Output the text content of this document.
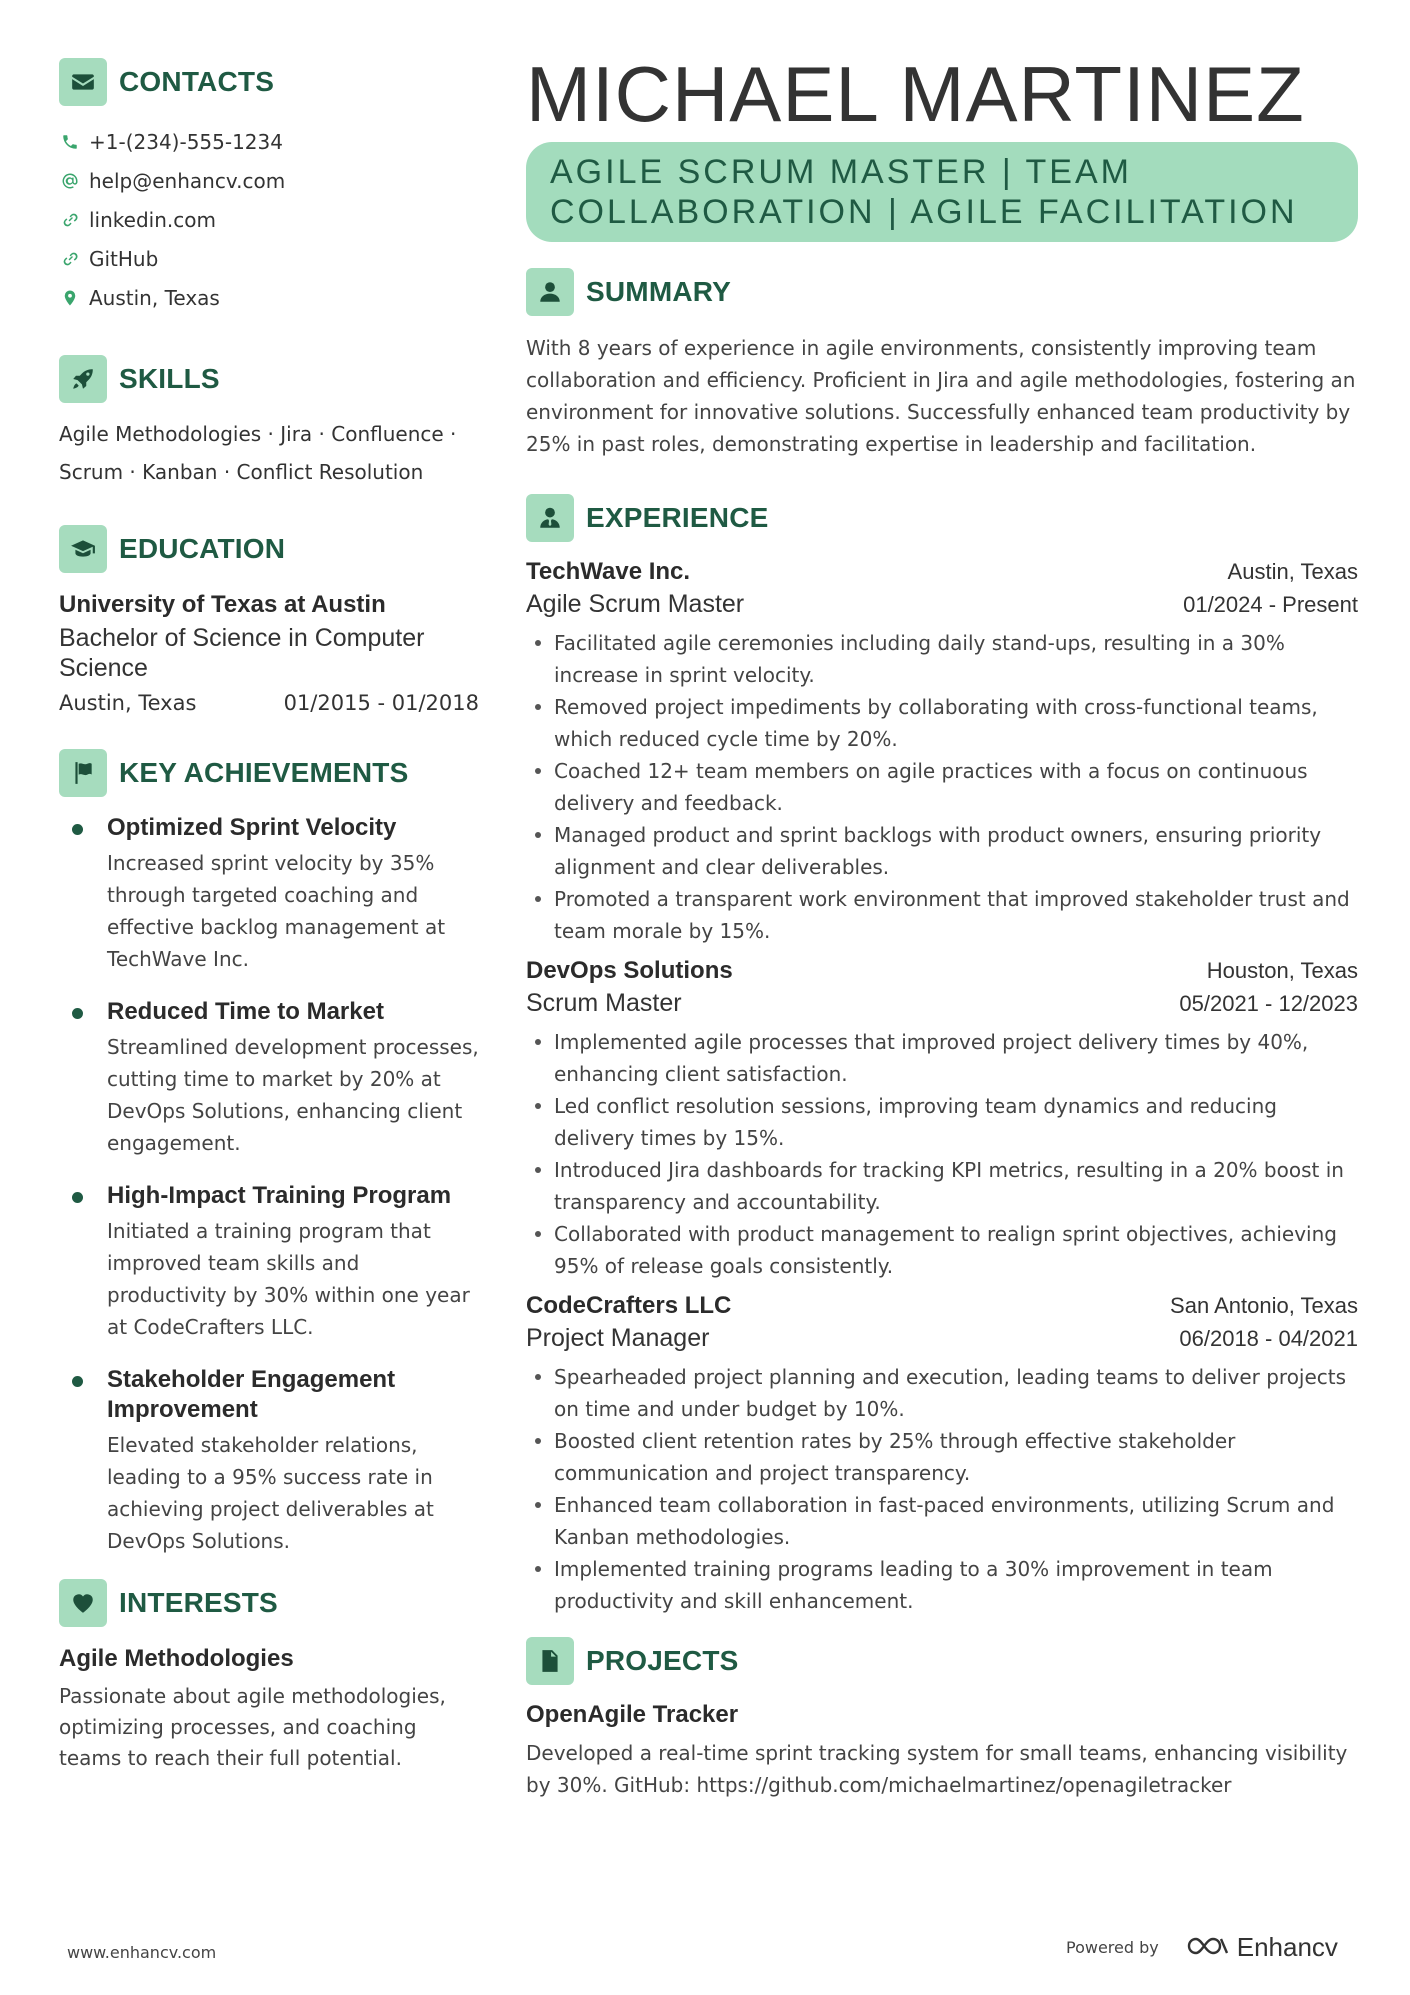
CONTACTS
+1-(234)-555-1234
help@enhancv.com
linkedin.com
GitHub
Austin, Texas
SKILLS
Agile Methodologies · Jira · Confluence · Scrum · Kanban · Conflict Resolution
EDUCATION
University of Texas at Austin
Bachelor of Science in Computer Science
Austin, Texas	01/2015 - 01/2018
KEY ACHIEVEMENTS
Optimized Sprint Velocity
Increased sprint velocity by 35% through targeted coaching and effective backlog management at TechWave Inc.
Reduced Time to Market
Streamlined development processes, cutting time to market by 20% at DevOps Solutions, enhancing client engagement.
High-Impact Training Program
Initiated a training program that improved team skills and productivity by 30% within one year at CodeCrafters LLC.
Stakeholder Engagement Improvement
Elevated stakeholder relations, leading to a 95% success rate in achieving project deliverables at DevOps Solutions.
INTERESTS
Agile Methodologies
Passionate about agile methodologies, optimizing processes, and coaching teams to reach their full potential.
MICHAEL MARTINEZ
AGILE SCRUM MASTER | TEAM COLLABORATION | AGILE FACILITATION
SUMMARY
With 8 years of experience in agile environments, consistently improving team collaboration and efficiency. Proficient in Jira and agile methodologies, fostering an environment for innovative solutions. Successfully enhanced team productivity by 25% in past roles, demonstrating expertise in leadership and facilitation.
EXPERIENCE
TechWave Inc.	Austin, Texas
Agile Scrum Master	01/2024 - Present
Facilitated agile ceremonies including daily stand-ups, resulting in a 30% increase in sprint velocity.
Removed project impediments by collaborating with cross-functional teams, which reduced cycle time by 20%.
Coached 12+ team members on agile practices with a focus on continuous delivery and feedback.
Managed product and sprint backlogs with product owners, ensuring priority alignment and clear deliverables.
Promoted a transparent work environment that improved stakeholder trust and team morale by 15%.
DevOps Solutions	Houston, Texas
Scrum Master	05/2021 - 12/2023
Implemented agile processes that improved project delivery times by 40%, enhancing client satisfaction.
Led conflict resolution sessions, improving team dynamics and reducing delivery times by 15%.
Introduced Jira dashboards for tracking KPI metrics, resulting in a 20% boost in transparency and accountability.
Collaborated with product management to realign sprint objectives, achieving 95% of release goals consistently.
CodeCrafters LLC	San Antonio, Texas
Project Manager	06/2018 - 04/2021
Spearheaded project planning and execution, leading teams to deliver projects on time and under budget by 10%.
Boosted client retention rates by 25% through effective stakeholder communication and project transparency.
Enhanced team collaboration in fast-paced environments, utilizing Scrum and Kanban methodologies.
Implemented training programs leading to a 30% improvement in team productivity and skill enhancement.
PROJECTS
OpenAgile Tracker
Developed a real-time sprint tracking system for small teams, enhancing visibility by 30%. GitHub: https://github.com/michaelmartinez/openagiletracker
www.enhancv.com	Powered by	Enhancv
